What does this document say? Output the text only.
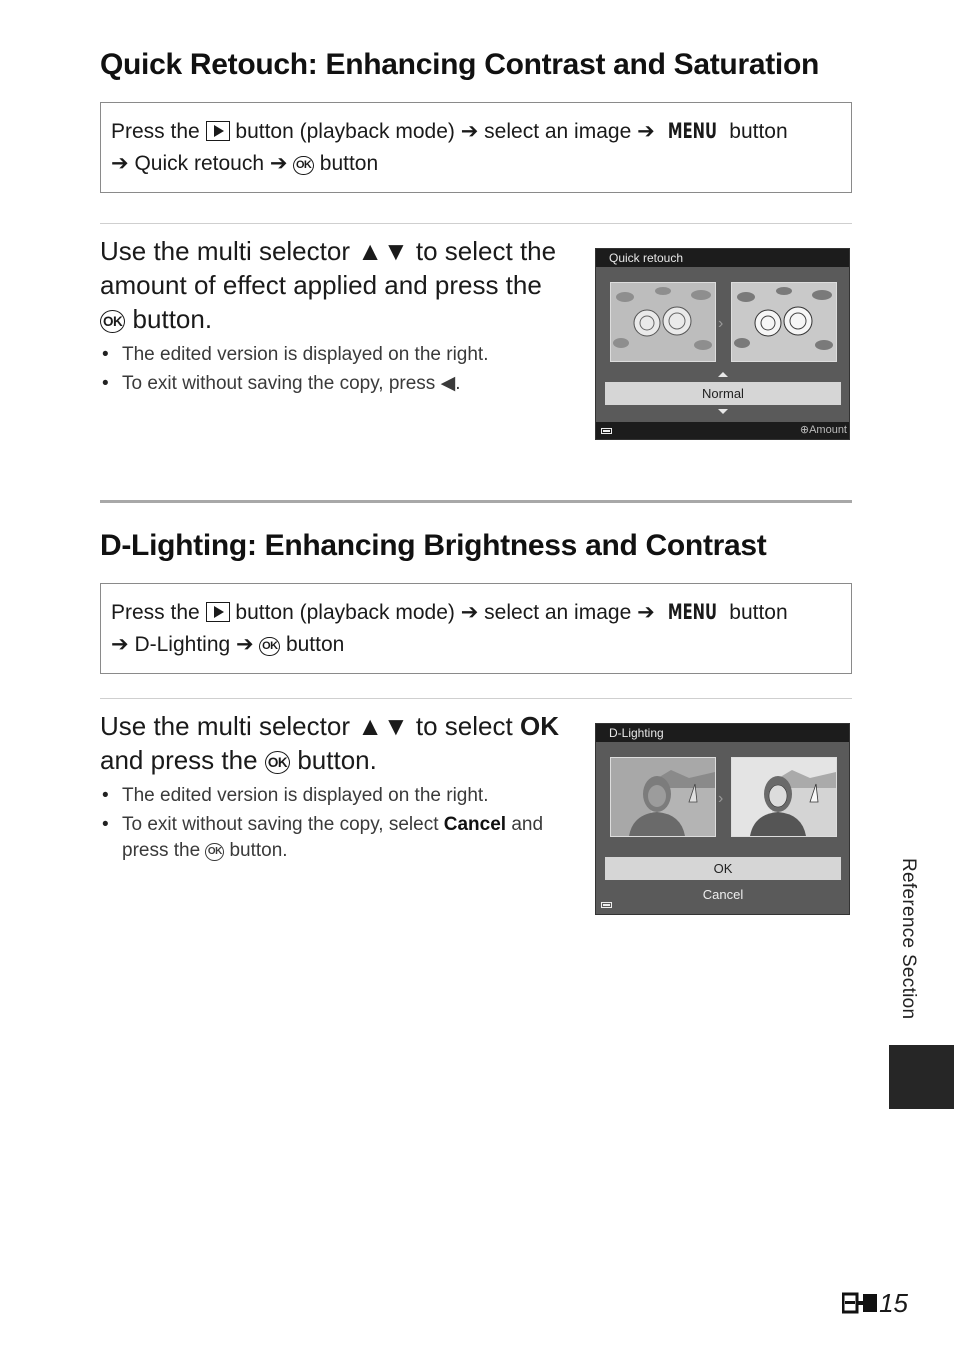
Quick Retouch: Enhancing Contrast and Saturation
Press the button (playback mode) ➔ select an image ➔ MENU button
➔ Quick retouch ➔ OK button
Use the multi selector ▲▼ to select the amount of effect applied and press the OK button.
• The edited version is displayed on the right.
• To exit without saving the copy, press ◀.
Quick retouch
›
Normal
⊕Amount
D-Lighting: Enhancing Brightness and Contrast
Press the button (playback mode) ➔ select an image ➔ MENU button
➔ D-Lighting ➔ OK button
Use the multi selector ▲▼ to select OK and press the OK button.
• The edited version is displayed on the right.
• To exit without saving the copy, select Cancel and press the OK button.
D-Lighting
›
OK
Cancel	Reference Section
15
